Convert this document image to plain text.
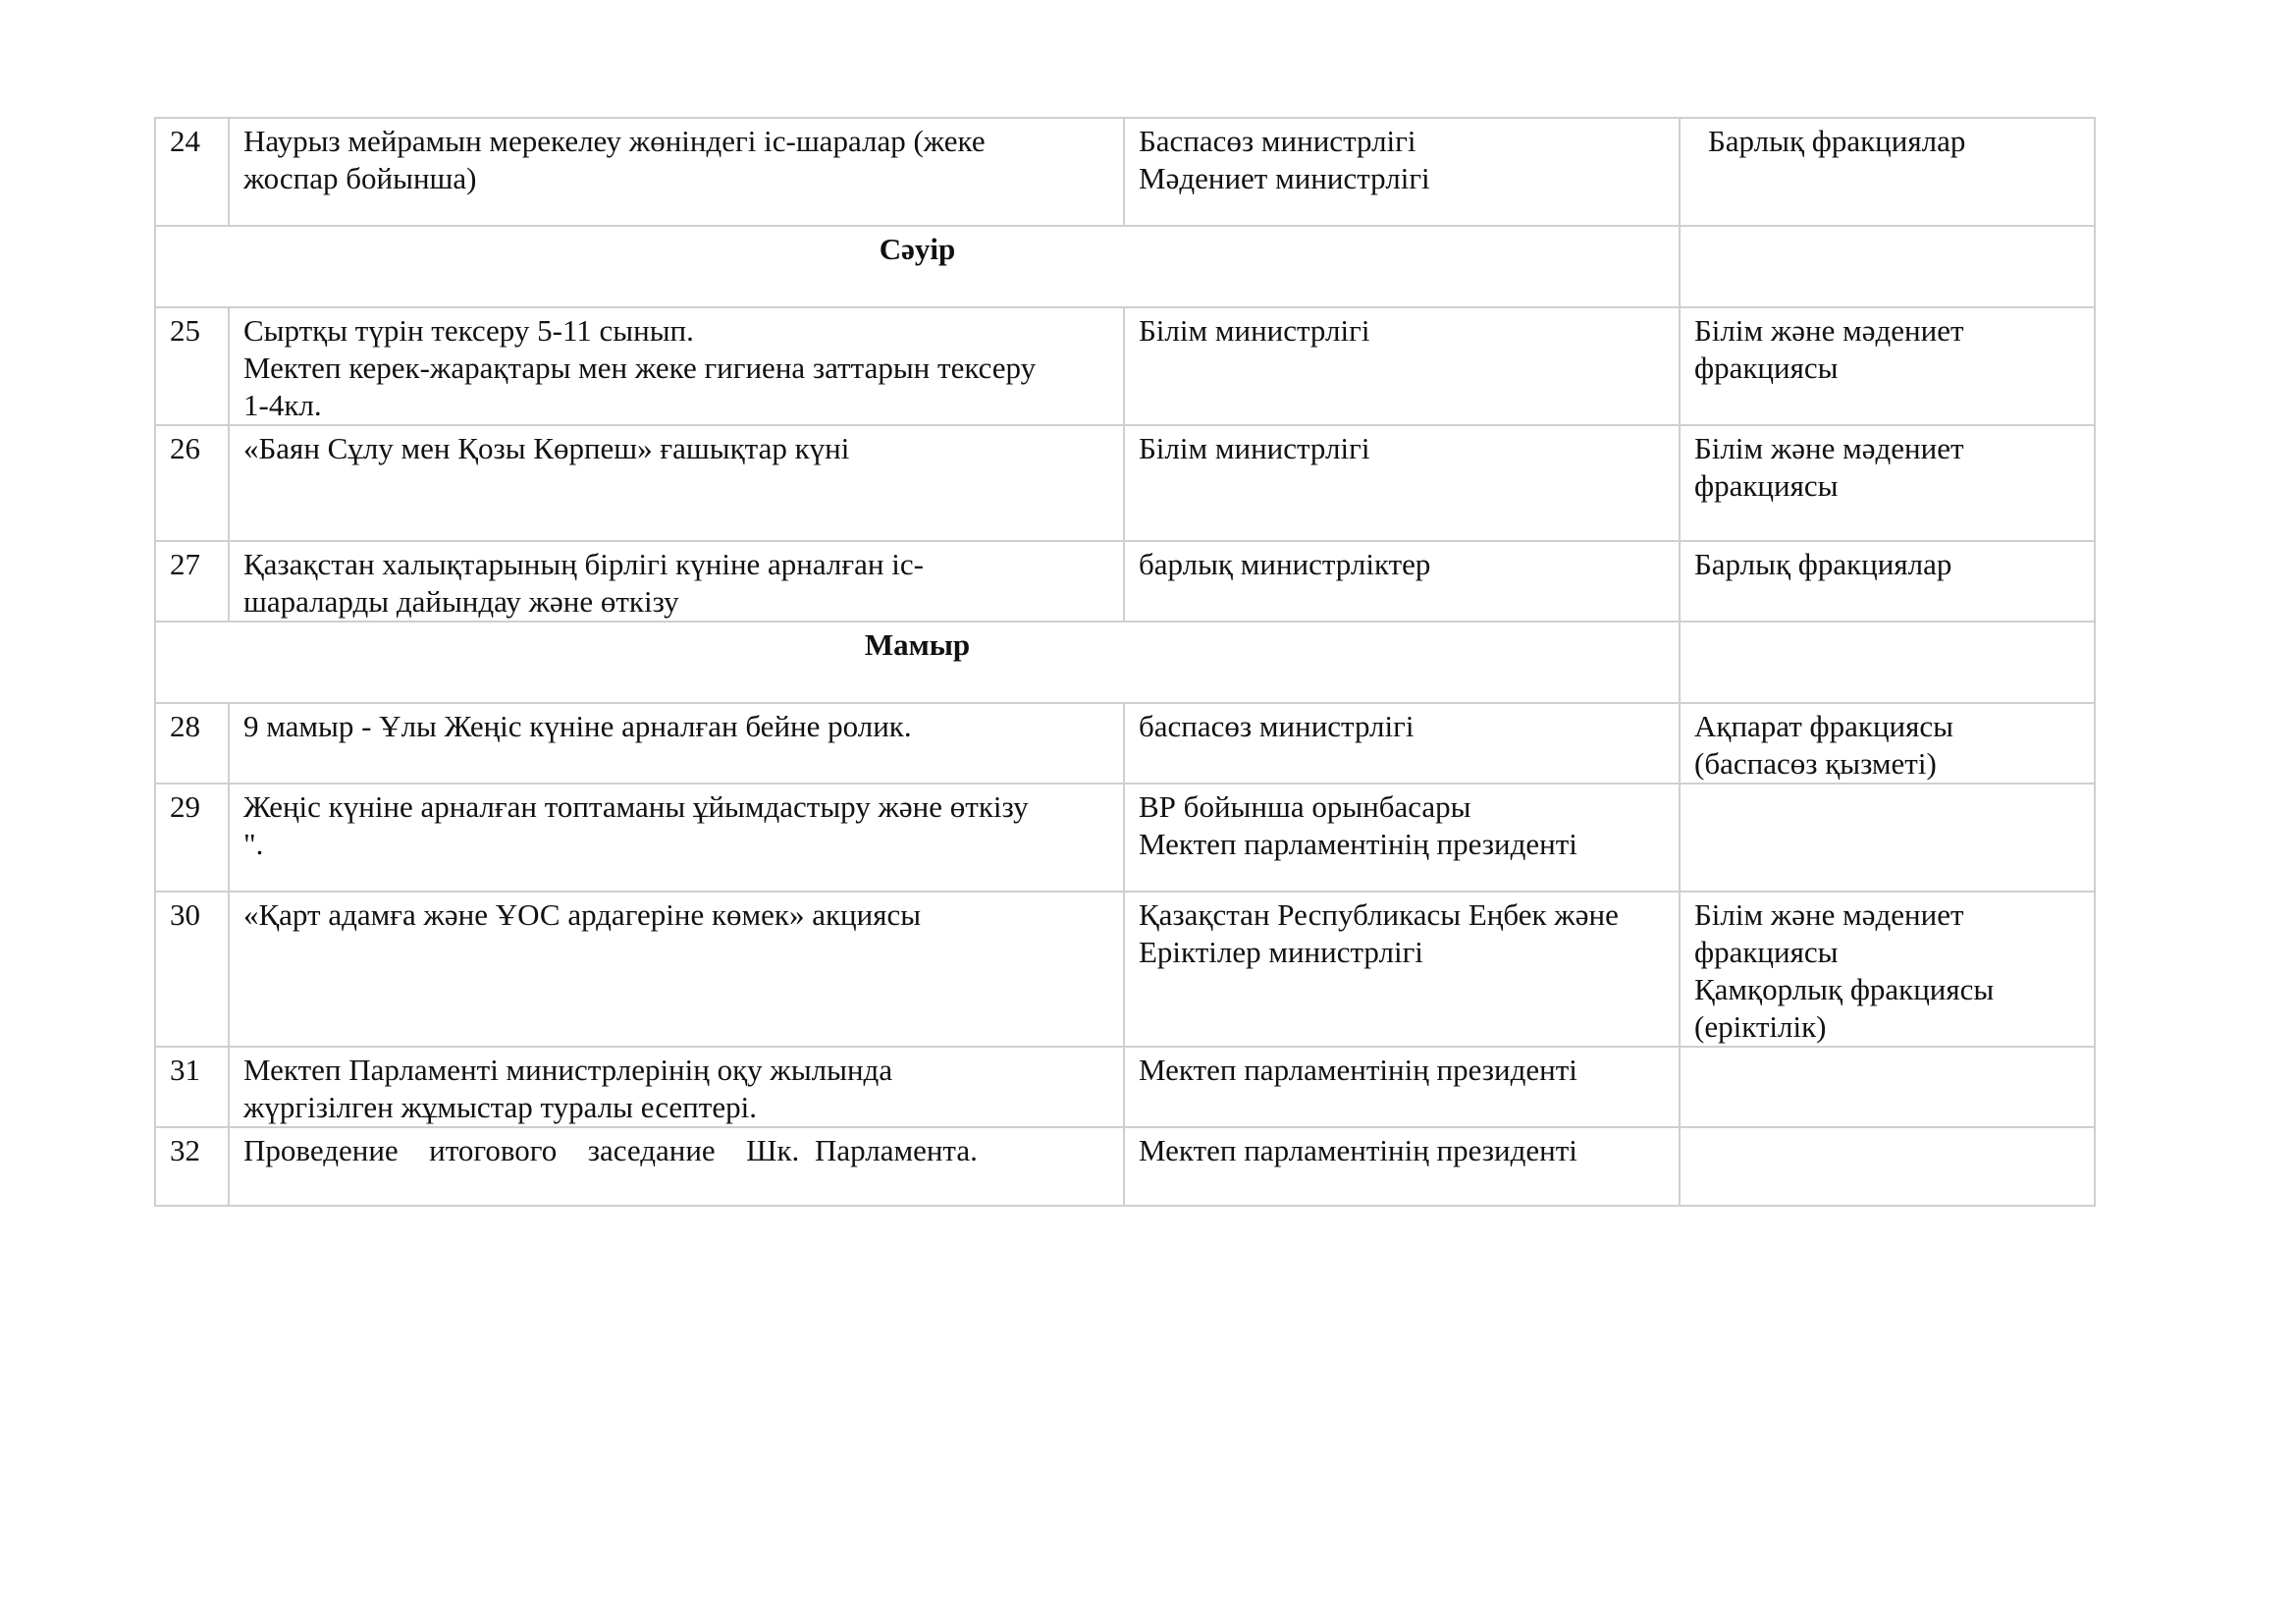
24	Наурыз мейрамын мерекелеу жөніндегі іс-шаралар (жеке
жоспар бойынша)	Баспасөз министрлігі
Мәдениет министрлігі	Барлық фракциялар

Сәуір			
25	Сыртқы түрін тексеру 5-11 сынып.
Мектеп керек-жарақтары мен жеке гигиена заттарын тексеру
1-4кл.	Білім министрлігі	Білім және мәдениет
фракциясы

26	«Баян Сұлу мен Қозы Көрпеш» ғашықтар күні	Білім министрлігі	Білім және мәдениет
фракциясы

27	Қазақстан халықтарының бірлігі күніне арналған іс-
шараларды дайындау және өткізу	барлық министрліктер	Барлық фракциялар

Мамыр			
28	9 мамыр - Ұлы Жеңіс күніне арналған бейне ролик.	баспасөз министрлігі	Ақпарат фракциясы
(баспасөз қызметі)

29	Жеңіс күніне арналған топтаманы ұйымдастыру және өткізу
".	ВР бойынша орынбасары
Мектеп парламентінің президенті	

30	«Қарт адамға және ҰОС ардагеріне көмек» акциясы	Қазақстан Республикасы Еңбек және
Еріктілер министрлігі	Білім және мәдениет
фракциясы
Қамқорлық фракциясы
(еріктілік)

31	Мектеп Парламенті министрлерінің оқу жылында
жүргізілген жұмыстар туралы есептері.	Мектеп парламентінің президенті	

32	Проведение  итогового  заседание  Шк. Парламента.	Мектеп парламентінің президенті	
